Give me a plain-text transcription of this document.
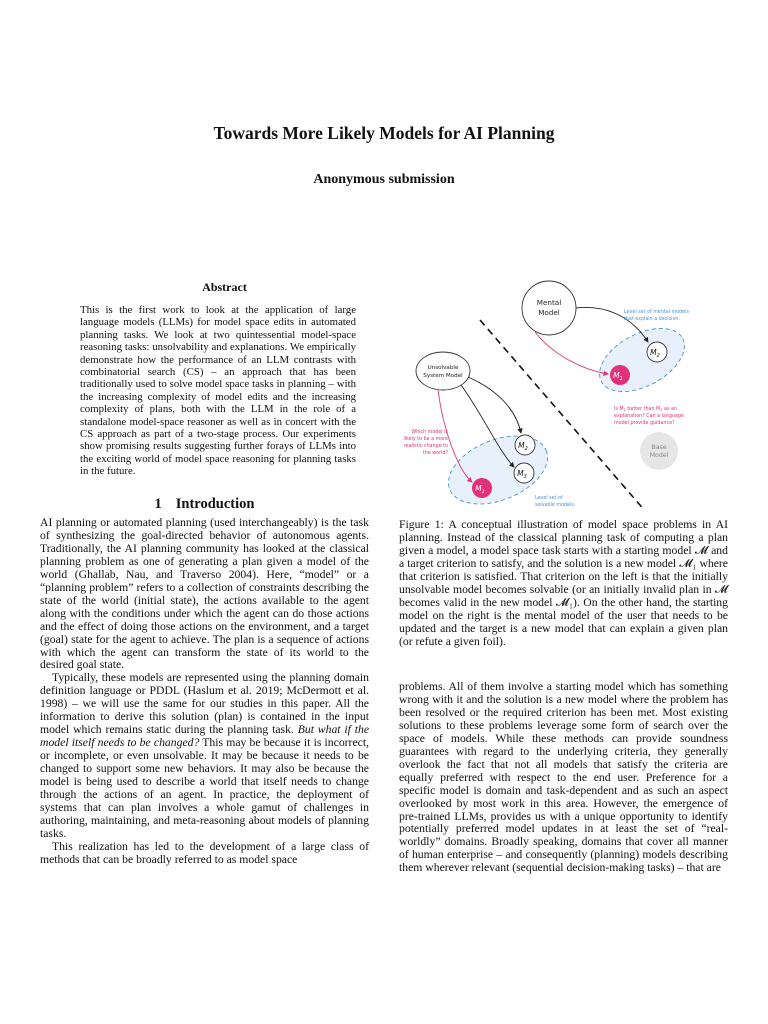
Towards More Likely Models for AI Planning
Anonymous submission
Abstract
This is the first work to look at the application of large language models (LLMs) for model space edits in automated planning tasks. We look at two quintessential model-space reasoning tasks: unsolvability and explanations. We empirically demonstrate how the performance of an LLM contrasts with combinatorial search (CS) – an approach that has been traditionally used to solve model space tasks in planning – with the increasing complexity of model edits and the increasing complexity of plans, both with the LLM in the role of a standalone model-space reasoner as well as in concert with the CS approach as part of a two-stage process. Our experiments show promising results suggesting further forays of LLMs into the exciting world of model space reasoning for planning tasks in the future.
1 Introduction

AI planning or automated planning (used interchangeably) is the task of synthesizing the goal-directed behavior of autonomous agents. Traditionally, the AI planning community has looked at the classical planning problem as one of generating a plan given a model of the world (Ghallab, Nau, and Traverso 2004). Here, “model” or a “planning problem” refers to a collection of constraints describing the state of the world (initial state), the actions available to the agent along with the conditions under which the agent can do those actions and the effect of doing those actions on the environment, and a target (goal) state for the agent to achieve. The plan is a sequence of actions with which the agent can transform the state of its world to the desired goal state.

Typically, these models are represented using the planning domain definition language or PDDL (Haslum et al. 2019; McDermott et al. 1998) – we will use the same for our studies in this paper. All the information to derive this solution (plan) is contained in the input model which remains static during the planning task. But what if the model itself needs to be changed? This may be because it is incorrect, or incomplete, or even unsolvable. It may be because it needs to be changed to support some new behaviors. It may also be because the model is being used to describe a world that itself needs to change through the actions of an agent. In practice, the deployment of systems that can plan involves a whole gamut of challenges in authoring, maintaining, and meta-reasoning about models of planning tasks.

This realization has led to the development of a large class of methods that can be broadly referred to as model space

Mental
Model
Unsolvable
System Model
Base
Model
$M_2$
$M_1$
$M_2$
$M_3$
$M_1$
Level set of mental models
that explain a decision.
Is $M_1$ better than $M_2$ as an
explanation? Can a language
model provide guidance?
Which model is
likely to be a more
realistic change to
the world?
Level set of
solvable models.
Figure 1: A conceptual illustration of model space problems in AI planning. Instead of the classical planning task of computing a plan given a model, a model space task starts with a starting model 𝓜 and a target criterion to satisfy, and the solution is a new model 𝓜₁ where that criterion is satisfied. That criterion on the left is that the initially unsolvable model becomes solvable (or an initially invalid plan in 𝓜 becomes valid in the new model 𝓜₁). On the other hand, the starting model on the right is the mental model of the user that needs to be updated and the target is a new model that can explain a given plan (or refute a given foil).
problems. All of them involve a starting model which has something wrong with it and the solution is a new model where the problem has been resolved or the required criterion has been met. Most existing solutions to these problems leverage some form of search over the space of models. While these methods can provide soundness guarantees with regard to the underlying criteria, they generally overlook the fact that not all models that satisfy the criteria are equally preferred with respect to the end user. Preference for a specific model is domain and task-dependent and as such an aspect overlooked by most work in this area. However, the emergence of pre-trained LLMs, provides us with a unique opportunity to identify potentially preferred model updates in at least the set of “real-worldly” domains. Broadly speaking, domains that cover all manner of human enterprise – and consequently (planning) models describing them wherever relevant (sequential decision-making tasks) – that are
